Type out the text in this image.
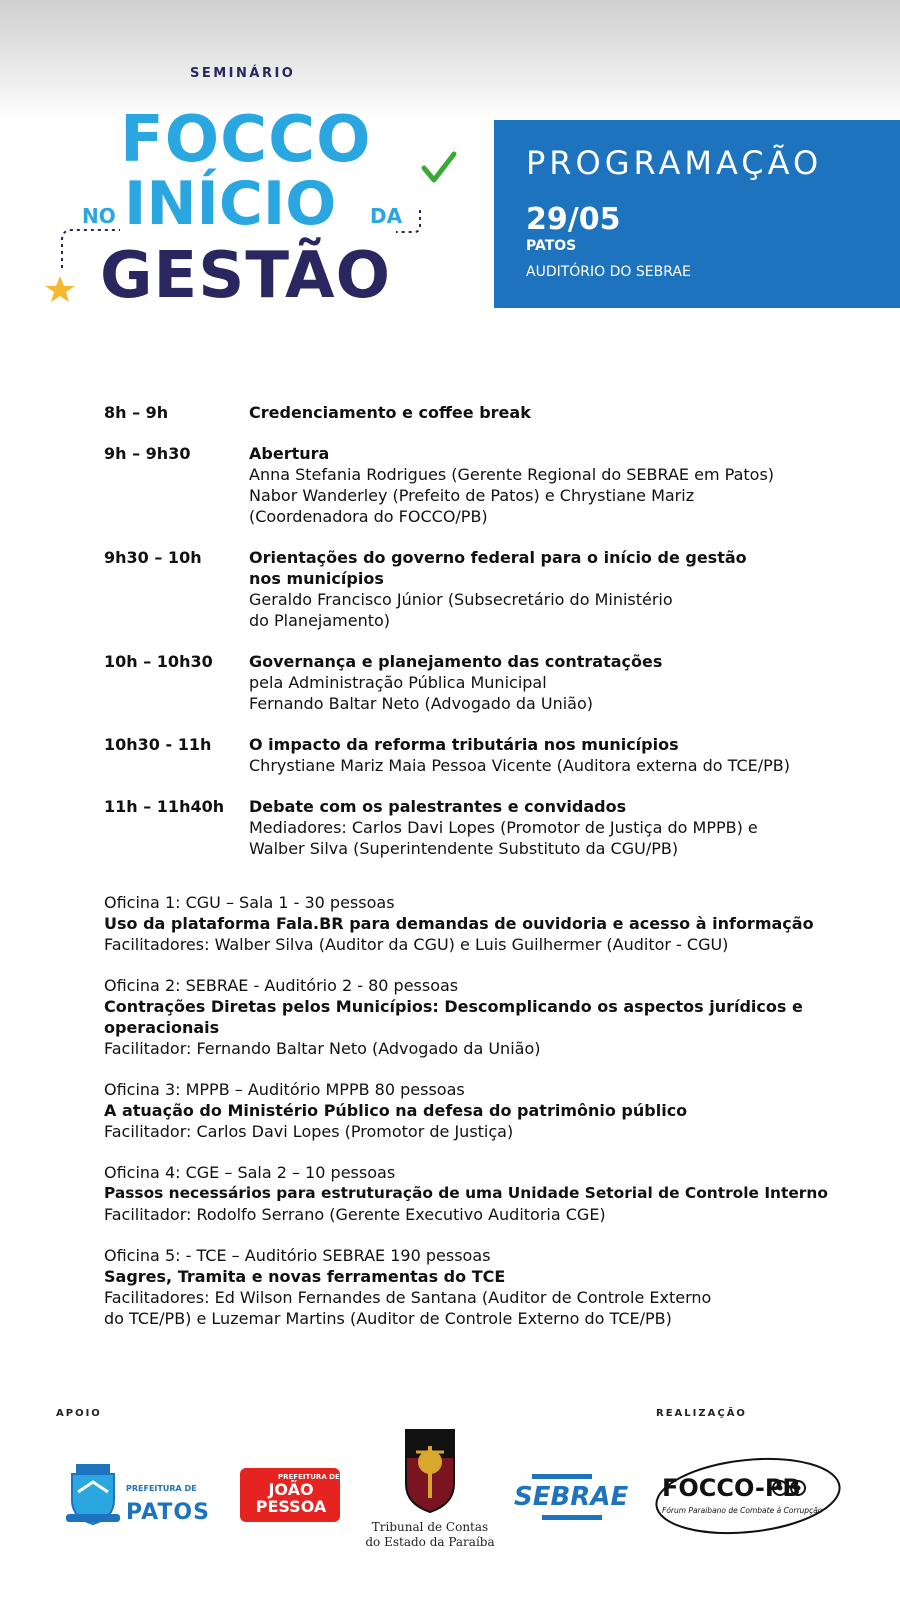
SEMINÁRIO
FOCCO
NO INÍCIO DA
GESTÃO
PROGRAMAÇÃO
29/05
PATOS
AUDITÓRIO DO SEBRAE
8h – 9h	Credenciamento e coffee break
9h – 9h30	Abertura
Anna Stefania Rodrigues (Gerente Regional do SEBRAE em Patos)
Nabor Wanderley (Prefeito de Patos) e Chrystiane Mariz
(Coordenadora do FOCCO/PB)
9h30 – 10h	Orientações do governo federal para o início de gestão
nos municípios
Geraldo Francisco Júnior (Subsecretário do Ministério
do Planejamento)
10h – 10h30	Governança e planejamento das contratações
pela Administração Pública Municipal
Fernando Baltar Neto (Advogado da União)
10h30 - 11h	O impacto da reforma tributária nos municípios
Chrystiane Mariz Maia Pessoa Vicente (Auditora externa do TCE/PB)
11h – 11h40h	Debate com os palestrantes e convidados
Mediadores: Carlos Davi Lopes (Promotor de Justiça do MPPB) e
Walber Silva (Superintendente Substituto da CGU/PB)
Oficina 1: CGU – Sala 1 - 30 pessoas
Uso da plataforma Fala.BR para demandas de ouvidoria e acesso à informação
Facilitadores: Walber Silva (Auditor da CGU) e Luis Guilhermer (Auditor - CGU)
Oficina 2: SEBRAE - Auditório 2 - 80 pessoas
Contrações Diretas pelos Municípios: Descomplicando os aspectos jurídicos e
operacionais
Facilitador: Fernando Baltar Neto (Advogado da União)
Oficina 3: MPPB – Auditório MPPB 80 pessoas
A atuação do Ministério Público na defesa do patrimônio público
Facilitador: Carlos Davi Lopes (Promotor de Justiça)
Oficina 4: CGE – Sala 2 – 10 pessoas
Passos necessários para estruturação de uma Unidade Setorial de Controle Interno
Facilitador: Rodolfo Serrano (Gerente Executivo Auditoria CGE)
Oficina 5: - TCE – Auditório SEBRAE 190 pessoas
Sagres, Tramita e novas ferramentas do TCE
Facilitadores: Ed Wilson Fernandes de Santana (Auditor de Controle Externo
do TCE/PB) e Luzemar Martins (Auditor de Controle Externo do TCE/PB)
APOIO	REALIZAÇÃO
PREFEITURA DE
PATOS
PREFEITURA DE
JOÃO PESSOA
Tribunal de Contas
do Estado da Paraíba
SEBRAE FOCCO-PB
Fórum Paraibano de Combate à Corrupção
